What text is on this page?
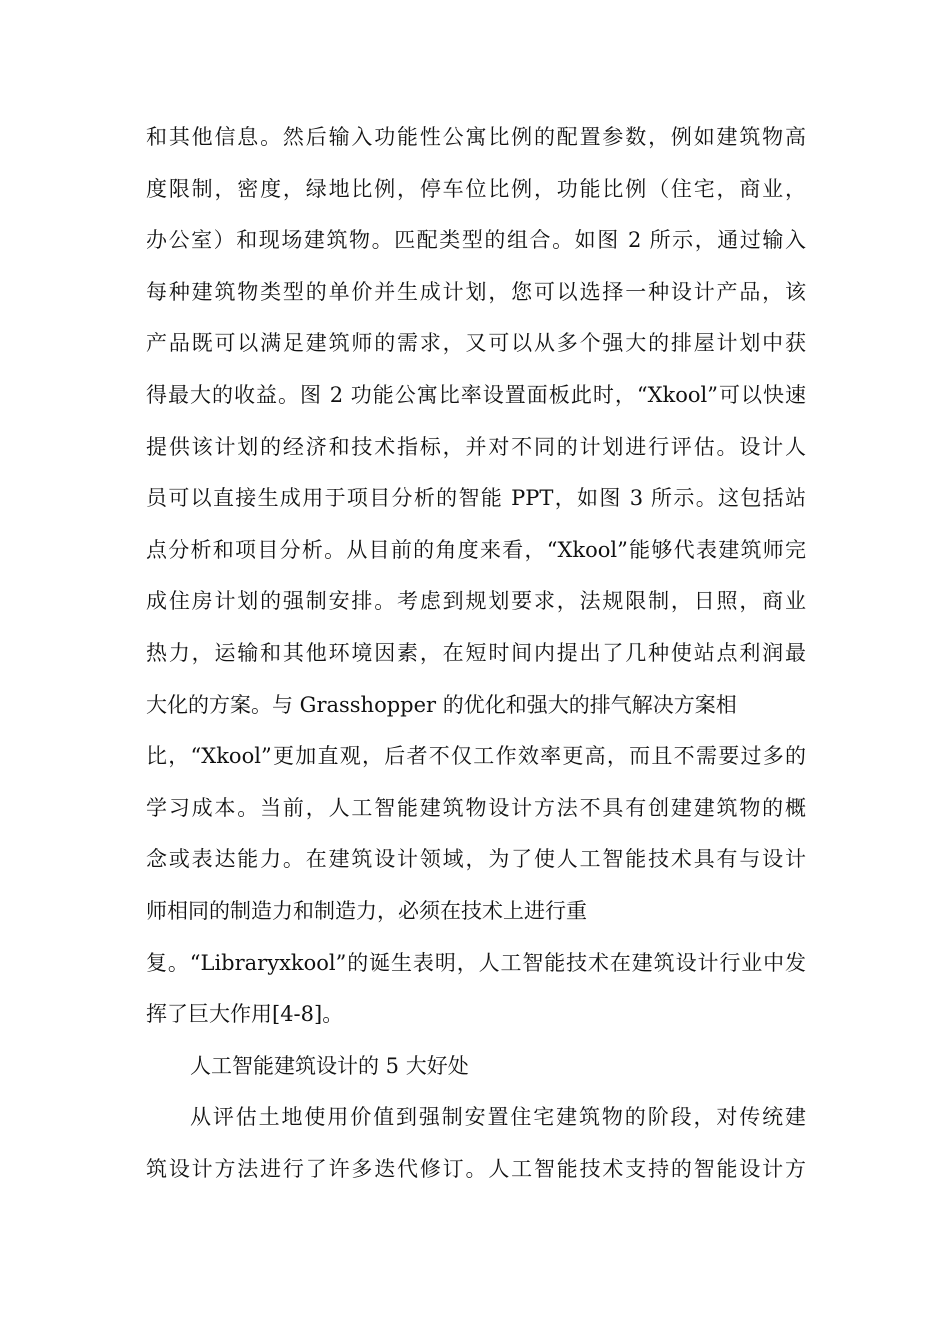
和其他信息。然后输入功能性公寓比例的配置参数，例如建筑物高
度限制，密度，绿地比例，停车位比例，功能比例（住宅，商业，
办公室）和现场建筑物。匹配类型的组合。如图 2 所示，通过输入
每种建筑物类型的单价并生成计划，您可以选择一种设计产品，该
产品既可以满足建筑师的需求，又可以从多个强大的排屋计划中获
得最大的收益。图 2 功能公寓比率设置面板此时，“Xkool”可以快速
提供该计划的经济和技术指标，并对不同的计划进行评估。设计人
员可以直接生成用于项目分析的智能 PPT，如图 3 所示。这包括站
点分析和项目分析。从目前的角度来看，“Xkool”能够代表建筑师完
成住房计划的强制安排。考虑到规划要求，法规限制，日照，商业
热力，运输和其他环境因素，在短时间内提出了几种使站点利润最
大化的方案。与 Grasshopper 的优化和强大的排气解决方案相
比，“Xkool”更加直观，后者不仅工作效率更高，而且不需要过多的
学习成本。当前，人工智能建筑物设计方法不具有创建建筑物的概
念或表达能力。在建筑设计领域，为了使人工智能技术具有与设计
师相同的制造力和制造力，必须在技术上进行重
复。“Libraryxkool”的诞生表明，人工智能技术在建筑设计行业中发
挥了巨大作用[4-8]。
人工智能建筑设计的 5 大好处
从评估土地使用价值到强制安置住宅建筑物的阶段，对传统建
筑设计方法进行了许多迭代修订。人工智能技术支持的智能设计方
